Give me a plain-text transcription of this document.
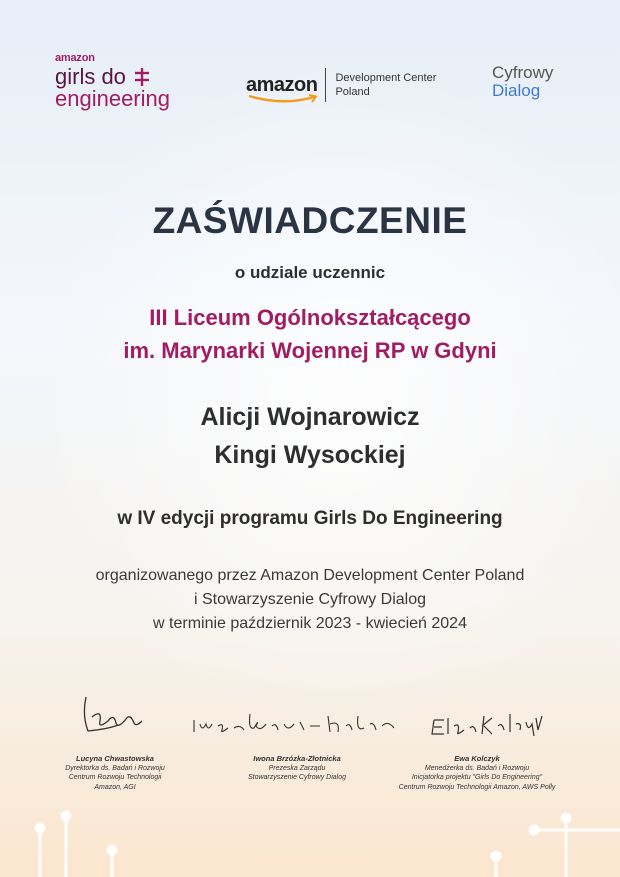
amazon
girls do
engineering
amazon Development Center
Poland
Cyfrowy
Dialog
ZAŚWIADCZENIE
o udziale uczennic
III Liceum Ogólnokształcącego
im. Marynarki Wojennej RP w Gdyni
Alicji Wojnarowicz
Kingi Wysockiej
w IV edycji programu Girls Do Engineering
organizowanego przez Amazon Development Center Poland
i Stowarzyszenie Cyfrowy Dialog
w terminie październik 2023 - kwiecień 2024
Lucyna Chwastowska
Dyrektorka ds. Badań i Rozwoju
Centrum Rozwoju Technologii
Amazon, AGI
Iwona Brzózka-Złotnicka
Prezeska Zarządu
Stowarzyszenie Cyfrowy Dialog
Ewa Kolczyk
Menedżerka ds. Badań i Rozwoju
Inicjatorka projektu "Girls Do Engineering"
Centrum Rozwoju Technologii Amazon, AWS Polly
